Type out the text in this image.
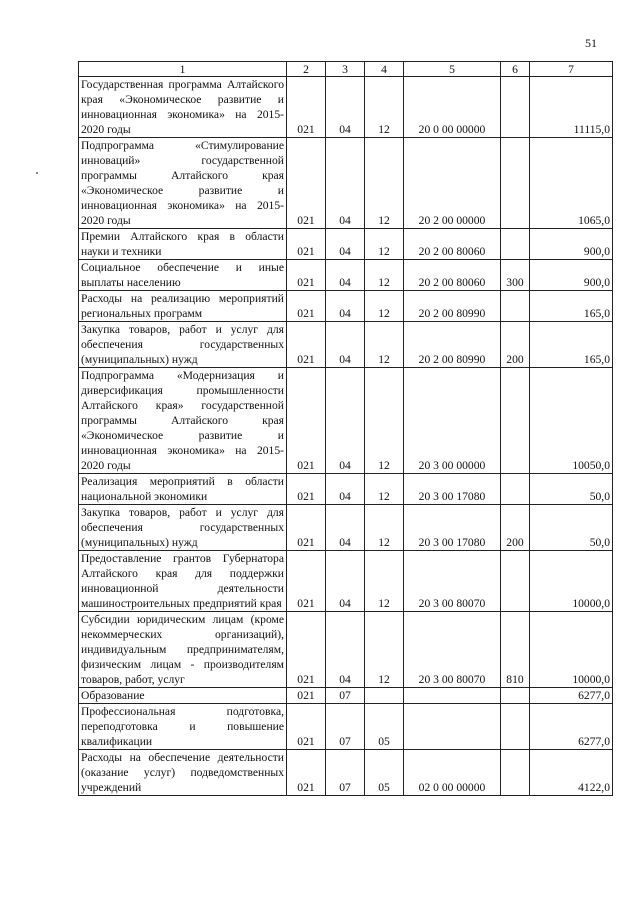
51
1	2	3	4	5	6	7
Государственная программа Алтайского края «Экономическое развитие и инновационная экономика» на 2015-2020 годы	021	04	12	20 0 00 00000		11115,0
Подпрограмма «Стимулирование инноваций» государственной программы Алтайского края «Экономическое развитие и инновационная экономика» на 2015-2020 годы	021	04	12	20 2 00 00000		1065,0
Премии Алтайского края в области науки и техники	021	04	12	20 2 00 80060		900,0
Социальное обеспечение и иные выплаты населению	021	04	12	20 2 00 80060	300	900,0
Расходы на реализацию мероприятий региональных программ	021	04	12	20 2 00 80990		165,0
Закупка товаров, работ и услуг для обеспечения государственных (муниципальных) нужд	021	04	12	20 2 00 80990	200	165,0
Подпрограмма «Модернизация и диверсификация промышленности Алтайского края» государственной программы Алтайского края «Экономическое развитие и инновационная экономика» на 2015-2020 годы	021	04	12	20 3 00 00000		10050,0
Реализация мероприятий в области национальной экономики	021	04	12	20 3 00 17080		50,0
Закупка товаров, работ и услуг для обеспечения государственных (муниципальных) нужд	021	04	12	20 3 00 17080	200	50,0
Предоставление грантов Губернатора Алтайского края для поддержки инновационной деятельности машиностроительных предприятий края	021	04	12	20 3 00 80070		10000,0
Субсидии юридическим лицам (кроме некоммерческих организаций), индивидуальным предпринимателям, физическим лицам - производителям товаров, работ, услуг	021	04	12	20 3 00 80070	810	10000,0
Образование	021	07				6277,0
Профессиональная подготовка, переподготовка и повышение квалификации	021	07	05			6277,0
Расходы на обеспечение деятельности (оказание услуг) подведомственных учреждений	021	07	05	02 0 00 00000		4122,0
